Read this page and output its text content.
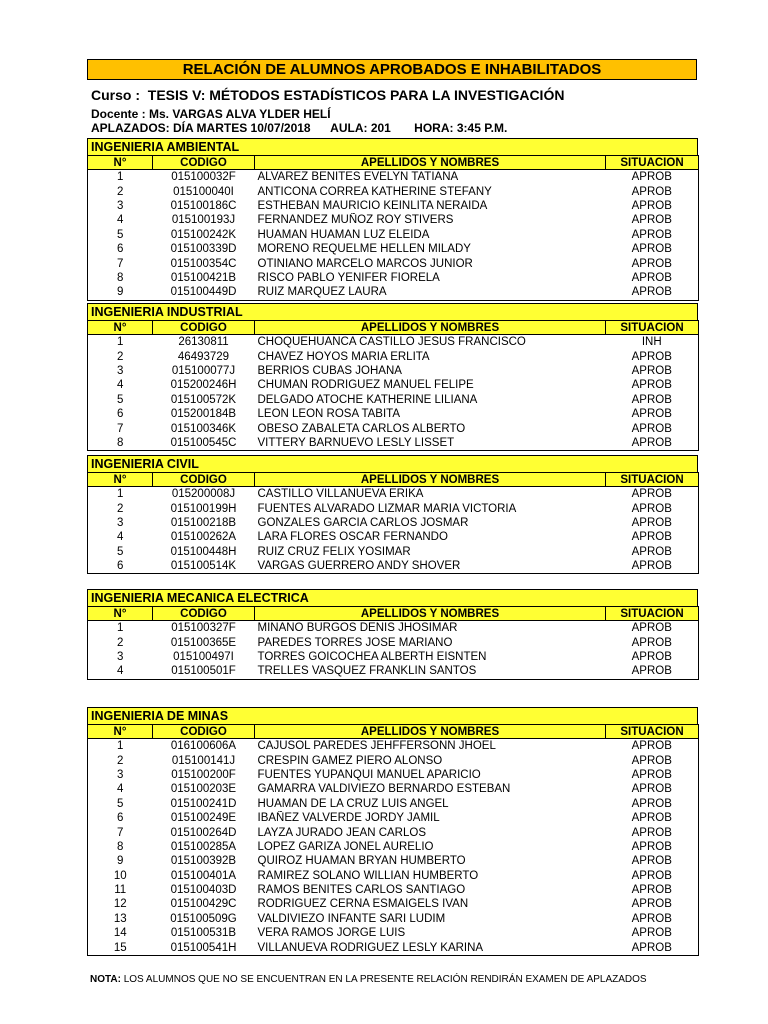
RELACIÓN DE ALUMNOS APROBADOS E INHABILITADOS
Curso :  TESIS V: MÉTODOS ESTADÍSTICOS PARA LA INVESTIGACIÓN
Docente : Ms. VARGAS ALVA YLDER HELÍ
APLAZADOS: DÍA MARTES 10/07/2018      AULA: 201       HORA: 3:45 P.M.
INGENIERIA AMBIENTAL
N°	CODIGO	APELLIDOS Y NOMBRES	SITUACION
1	015100032F	ALVAREZ BENITES EVELYN TATIANA	APROB
2	015100040I	ANTICONA CORREA KATHERINE STEFANY	APROB
3	015100186C	ESTHEBAN MAURICIO KEINLITA NERAIDA	APROB
4	015100193J	FERNANDEZ MUÑOZ ROY STIVERS	APROB
5	015100242K	HUAMAN HUAMAN LUZ ELEIDA	APROB
6	015100339D	MORENO REQUELME HELLEN MILADY	APROB
7	015100354C	OTINIANO MARCELO MARCOS JUNIOR	APROB
8	015100421B	RISCO PABLO YENIFER FIORELA	APROB
9	015100449D	RUIZ MARQUEZ LAURA	APROB
INGENIERIA INDUSTRIAL
N°	CODIGO	APELLIDOS Y NOMBRES	SITUACION
1	26130811	CHOQUEHUANCA CASTILLO JESUS FRANCISCO	INH
2	46493729	CHAVEZ HOYOS MARIA ERLITA	APROB
3	015100077J	BERRIOS CUBAS JOHANA	APROB
4	015200246H	CHUMAN RODRIGUEZ MANUEL FELIPE	APROB
5	015100572K	DELGADO ATOCHE KATHERINE LILIANA	APROB
6	015200184B	LEON LEON ROSA TABITA	APROB
7	015100346K	OBESO ZABALETA CARLOS ALBERTO	APROB
8	015100545C	VITTERY BARNUEVO LESLY LISSET	APROB
INGENIERIA CIVIL
N°	CODIGO	APELLIDOS Y NOMBRES	SITUACION
1	015200008J	CASTILLO VILLANUEVA ERIKA	APROB
2	015100199H	FUENTES ALVARADO LIZMAR MARIA VICTORIA	APROB
3	015100218B	GONZALES GARCIA CARLOS JOSMAR	APROB
4	015100262A	LARA FLORES OSCAR FERNANDO	APROB
5	015100448H	RUIZ CRUZ FELIX YOSIMAR	APROB
6	015100514K	VARGAS GUERRERO ANDY SHOVER	APROB
INGENIERIA MECANICA ELECTRICA
N°	CODIGO	APELLIDOS Y NOMBRES	SITUACION
1	015100327F	MINANO BURGOS DENIS JHOSIMAR	APROB
2	015100365E	PAREDES TORRES JOSE MARIANO	APROB
3	015100497I	TORRES GOICOCHEA ALBERTH EISNTEN	APROB
4	015100501F	TRELLES VASQUEZ FRANKLIN SANTOS	APROB
INGENIERIA DE MINAS
N°	CODIGO	APELLIDOS Y NOMBRES	SITUACION
1	016100606A	CAJUSOL PAREDES JEHFFERSONN JHOEL	APROB
2	015100141J	CRESPIN GAMEZ PIERO ALONSO	APROB
3	015100200F	FUENTES YUPANQUI MANUEL APARICIO	APROB
4	015100203E	GAMARRA VALDIVIEZO BERNARDO ESTEBAN	APROB
5	015100241D	HUAMAN DE LA CRUZ LUIS ANGEL	APROB
6	015100249E	IBAÑEZ VALVERDE JORDY JAMIL	APROB
7	015100264D	LAYZA JURADO JEAN CARLOS	APROB
8	015100285A	LOPEZ GARIZA JONEL AURELIO	APROB
9	015100392B	QUIROZ HUAMAN BRYAN HUMBERTO	APROB
10	015100401A	RAMIREZ SOLANO WILLIAN HUMBERTO	APROB
11	015100403D	RAMOS BENITES CARLOS SANTIAGO	APROB
12	015100429C	RODRIGUEZ CERNA ESMAIGELS IVAN	APROB
13	015100509G	VALDIVIEZO INFANTE SARI LUDIM	APROB
14	015100531B	VERA RAMOS JORGE LUIS	APROB
15	015100541H	VILLANUEVA RODRIGUEZ LESLY KARINA	APROB
NOTA: LOS ALUMNOS QUE NO SE ENCUENTRAN EN LA PRESENTE RELACIÓN RENDIRÁN EXAMEN DE APLAZADOS
